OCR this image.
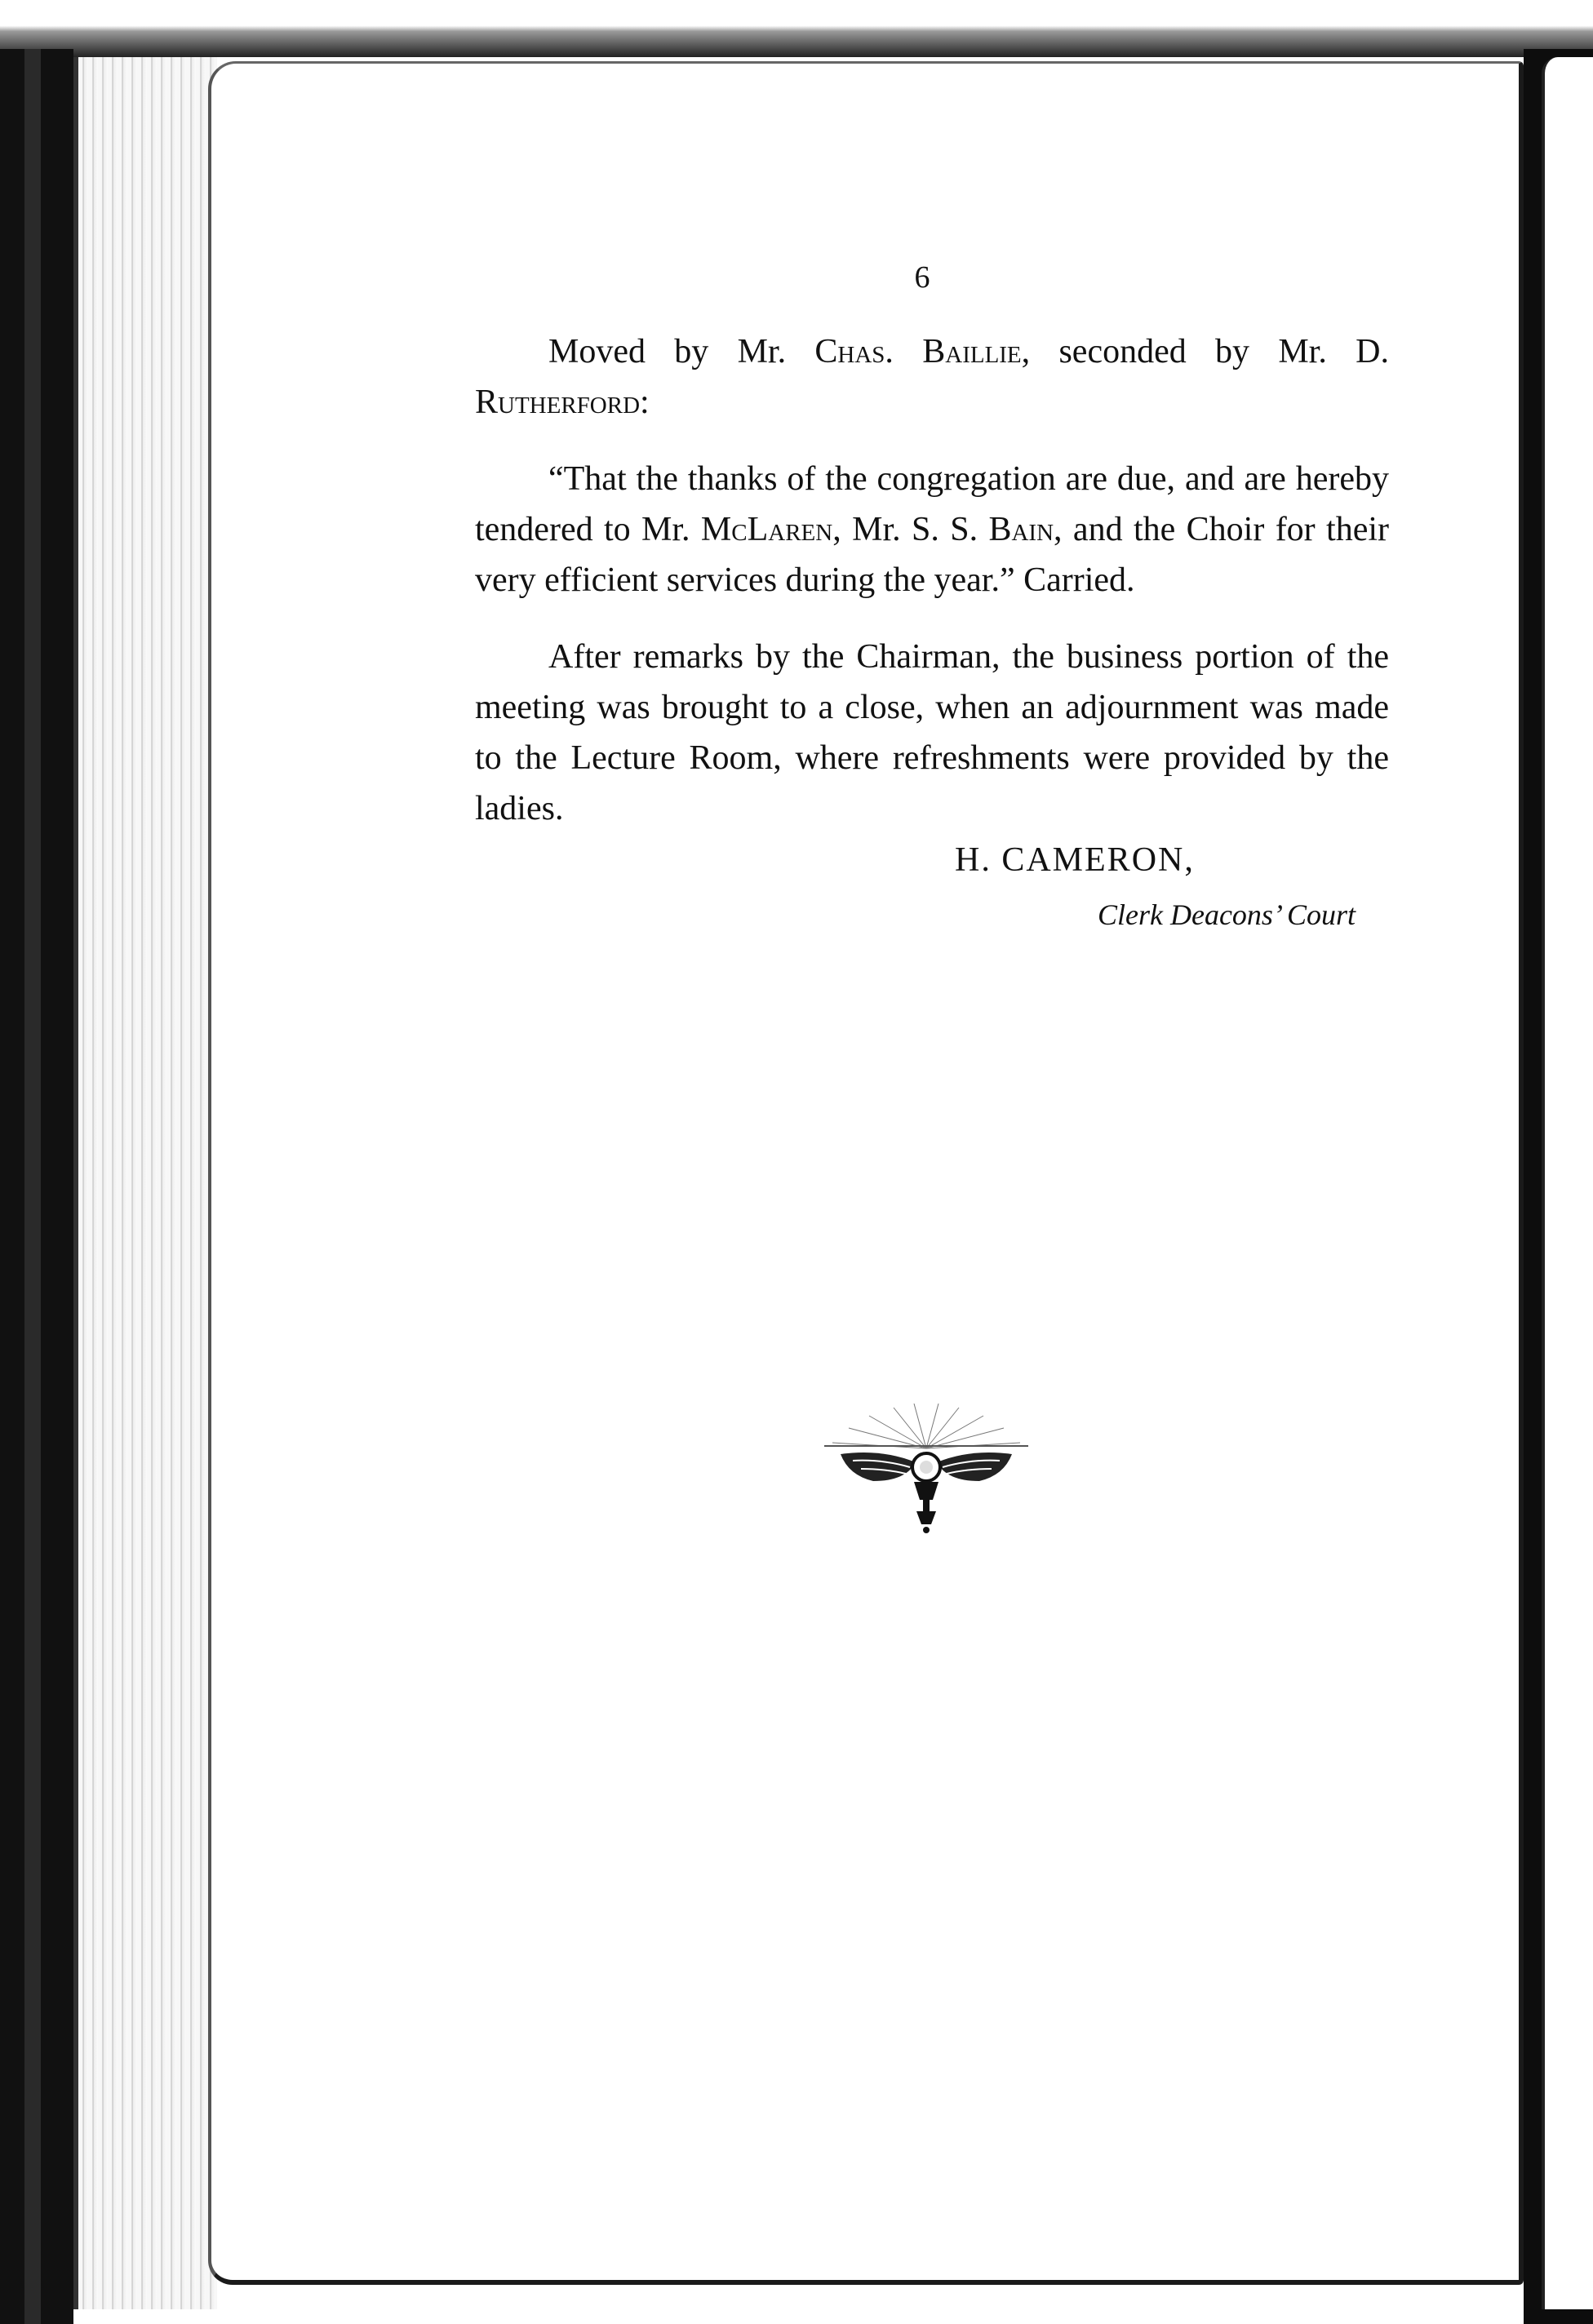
6

Moved by Mr. Chas. Baillie, seconded by Mr. D. Rutherford:

“That the thanks of the congregation are due, and are hereby tendered to Mr. McLaren, Mr. S. S. Bain, and the Choir for their very efficient services during the year.” Carried.

After remarks by the Chairman, the business portion of the meeting was brought to a close, when an adjournment was made to the Lecture Room, where refreshments were provided by the ladies.

H. CAMERON,
Clerk Deacons’ Court
